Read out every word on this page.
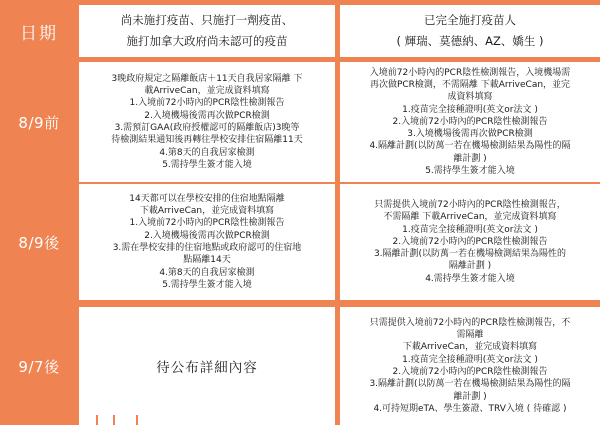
日期
尚未施打疫苗、只施打一劑疫苗、
施打加拿大政府尚未認可的疫苗
已完全施打疫苗人
( 輝瑞、莫德納、AZ、嬌生 )
8/9前
3晚政府規定之隔離飯店＋11天自我居家隔離 下
載ArriveCan，並完成資料填寫
1.入境前72小時內的PCR陰性檢測報告
2.入境機場後需再次做PCR檢測
3.需預訂GAA(政府授權認可的隔離飯店)3晚等
待檢測結果通知後再轉往學校安排住宿隔離11天
4.第8天的自我居家檢測
5.需持學生簽才能入境
入境前72小時內的PCR陰性檢測報告，入境機場需
再次做PCR檢測，不需隔離 下載ArriveCan，並完
成資料填寫
1.疫苗完全接種證明(英文or法文 )
2.入境前72小時內的PCR陰性檢測報告
3.入境機場後需再次做PCR檢測
4.隔離計劃(以防萬一若在機場檢測結果為陽性的隔
離計劃 )
5.需持學生簽才能入境
8/9後
14天都可以在學校安排的住宿地點隔離
下載ArriveCan，並完成資料填寫
1.入境前72小時內的PCR陰性檢測報告
2.入境機場後需再次做PCR檢測
3.需在學校安排的住宿地點或政府認可的住宿地
點隔離14天
4.第8天的自我居家檢測
5.需持學生簽才能入境
只需提供入境前72小時內的PCR陰性檢測報告，
不需隔離 下載ArriveCan，並完成資料填寫
1.疫苗完全接種證明(英文or法文 )
2.入境前72小時內的PCR陰性檢測報告
3.隔離計劃(以防萬一若在機場檢測結果為陽性的
隔離計劃 )
4.需持學生簽才能入境
9/7後	待公布詳細內容
只需提供入境前72小時內的PCR陰性檢測報告，不
需隔離
下載ArriveCan，並完成資料填寫
1.疫苗完全接種證明(英文or法文 )
2.入境前72小時內的PCR陰性檢測報告
3.隔離計劃(以防萬一若在機場檢測結果為陽性的隔
離計劃 )
4.可持短期eTA、學生簽證、TRV入境 ( 待確認 )
